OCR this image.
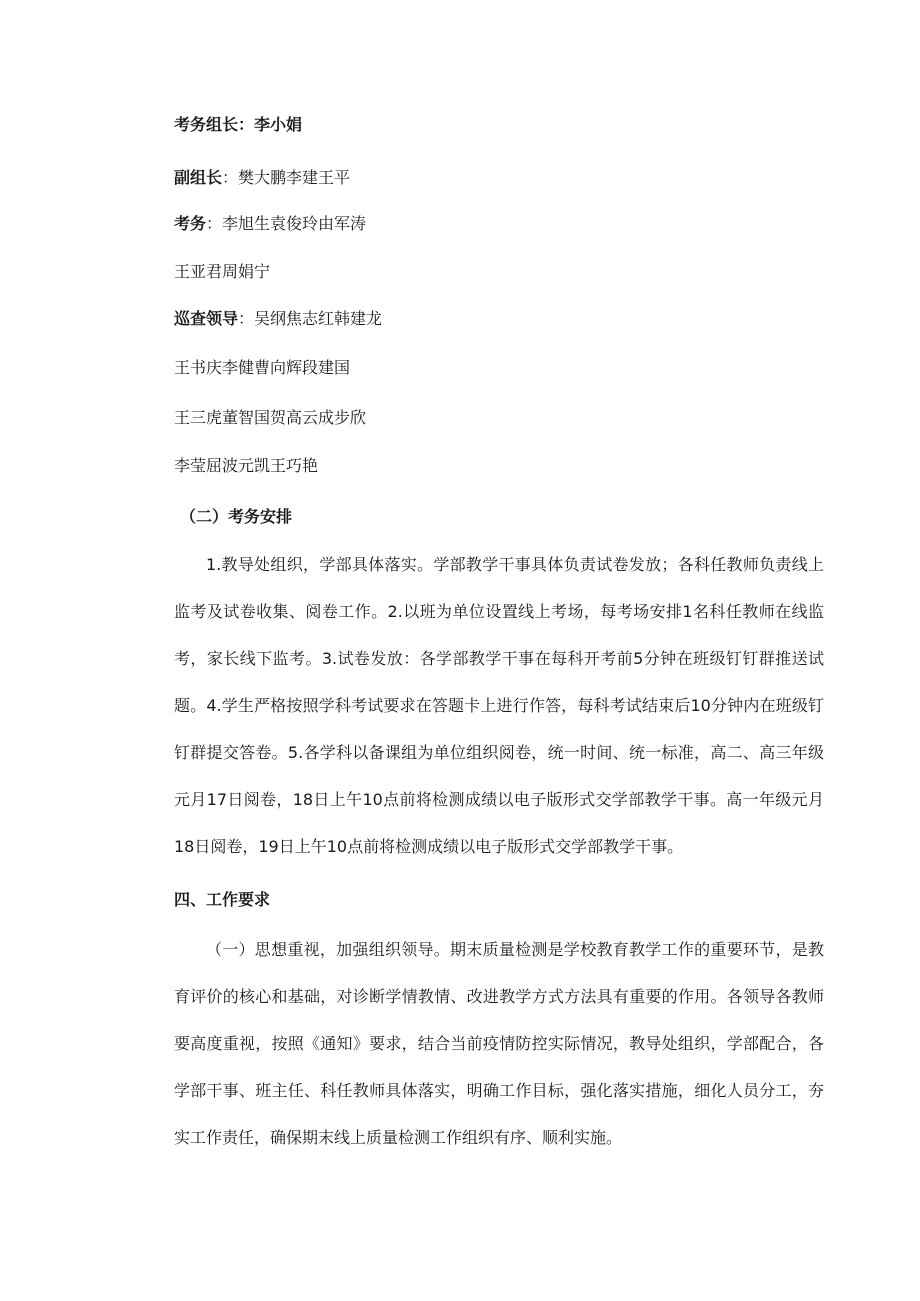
考务组长：李小娟

副组长：樊大鹏李建王平

考务：李旭生袁俊玲由军涛

王亚君周娟宁

巡查领导：吴纲焦志红韩建龙

王书庆李健曹向辉段建国

王三虎董智国贺高云成步欣

李莹屈波元凯王巧艳

（二）考务安排

1.教导处组织，学部具体落实。学部教学干事具体负责试卷发放；各科任教师负责线上监考及试卷收集、阅卷工作。2.以班为单位设置线上考场，每考场安排1名科任教师在线监考，家长线下监考。3.试卷发放：各学部教学干事在每科开考前5分钟在班级钉钉群推送试题。4.学生严格按照学科考试要求在答题卡上进行作答，每科考试结束后10分钟内在班级钉钉群提交答卷。5.各学科以备课组为单位组织阅卷，统一时间、统一标准，高二、高三年级元月17日阅卷，18日上午10点前将检测成绩以电子版形式交学部教学干事。高一年级元月18日阅卷，19日上午10点前将检测成绩以电子版形式交学部教学干事。

四、工作要求

（一）思想重视，加强组织领导。期末质量检测是学校教育教学工作的重要环节，是教育评价的核心和基础，对诊断学情教情、改进教学方式方法具有重要的作用。各领导各教师要高度重视，按照《通知》要求，结合当前疫情防控实际情况，教导处组织，学部配合，各学部干事、班主任、科任教师具体落实，明确工作目标，强化落实措施，细化人员分工，夯实工作责任，确保期末线上质量检测工作组织有序、顺利实施。
